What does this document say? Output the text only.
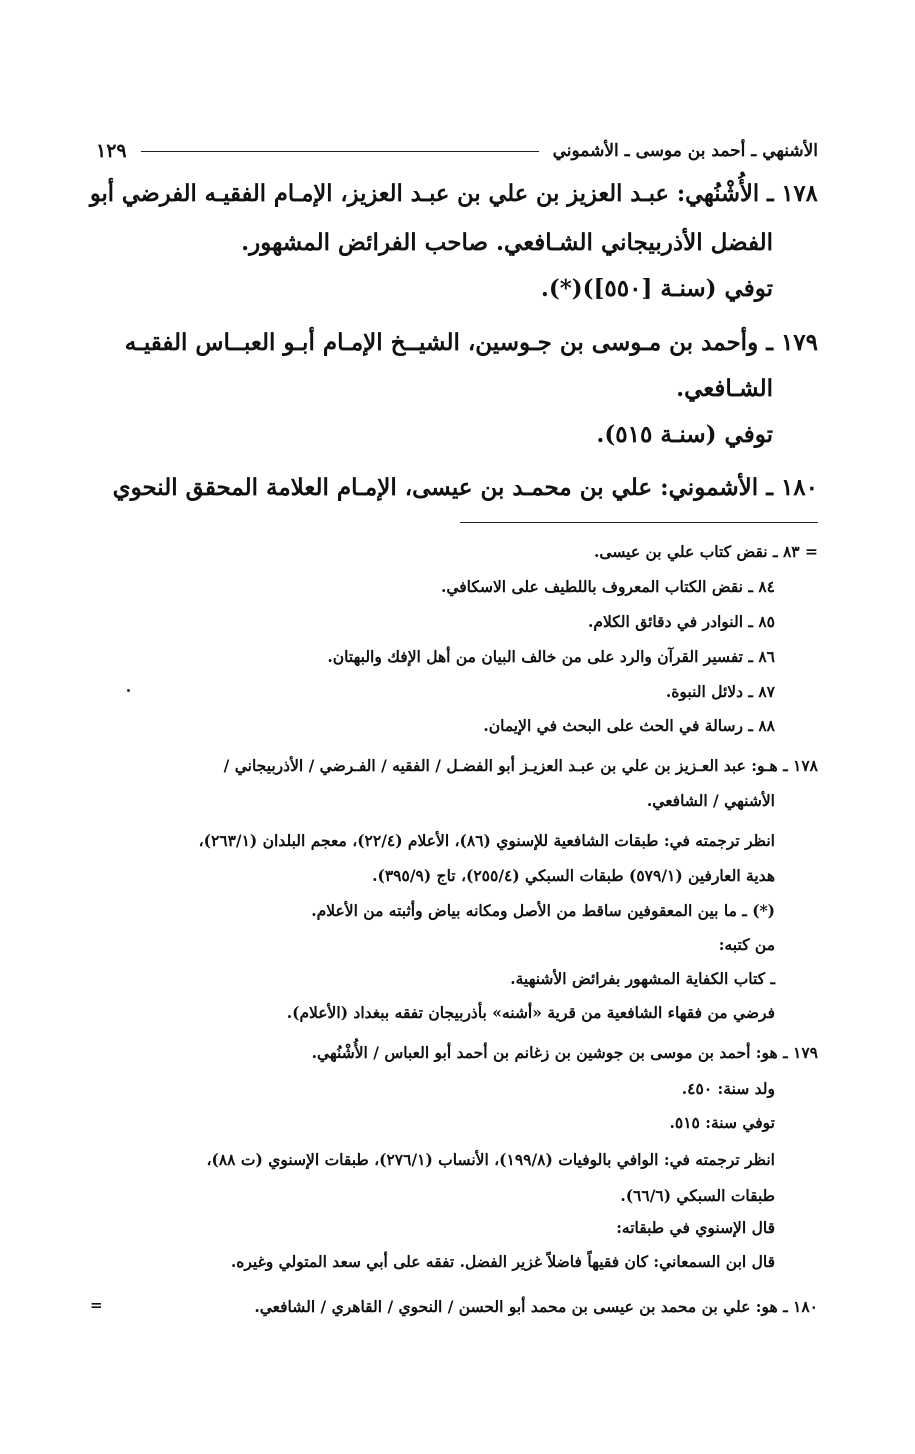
الأشنهي ـ أحمد بن موسى ـ الأشموني
١٢٩
١٧٨ ـ الأُشْنُهي: عبـد العزيز بن علي بن عبـد العزيز، الإمـام الفقيـه الفرضي أبو
الفضل الأذربيجاني الشـافعي. صاحب الفرائض المشهور.
توفي (سنـة [٥٥٠])(*).
١٧٩ ـ وأحمد بن مـوسى بن جـوسين، الشيــخ الإمـام أبـو العبــاس الفقيـه
الشـافعي.
توفي (سنـة ٥١٥).
١٨٠ ـ الأشموني: علي بن محمـد بن عيسى، الإمـام العلامة المحقق النحوي
= ٨٣ ـ نقض كتاب علي بن عيسى.
٨٤ ـ نقض الكتاب المعروف باللطيف على الاسكافي.
٨٥ ـ النوادر في دقائق الكلام.
٨٦ ـ تفسير القرآن والرد على من خالف البيان من أهل الإفك والبهتان.
٨٧ ـ دلائل النبوة.
٨٨ ـ رسالة في الحث على البحث في الإيمان.
١٧٨ ـ هـو: عبد العـزيز بن علي بن عبـد العزيـز أبو الفضـل / الفقيه / الفـرضي / الأذربيجاني /
الأشنهي / الشافعي.
انظر ترجمته في: طبقات الشافعية للإسنوي (٨٦)، الأعلام (٢٢/٤)، معجم البلدان (٢٦٣/١)،
هدية العارفين (٥٧٩/١) طبقات السبكي (٢٥٥/٤)، تاج (٣٩٥/٩).
(*) ـ ما بين المعقوفين ساقط من الأصل ومكانه بياض وأثبته من الأعلام.
من كتبه:
ـ كتاب الكفاية المشهور بفرائض الأشنهية.
فرضي من فقهاء الشافعية من قرية «أشنه» بأذربيجان تفقه ببغداد (الأعلام).
١٧٩ ـ هو: أحمد بن موسى بن جوشين بن زغانم بن أحمد أبو العباس / الأُشْنُهي.
ولد سنة: ٤٥٠.
توفي سنة: ٥١٥.
انظر ترجمته في: الوافي بالوفيات (١٩٩/٨)، الأنساب (٢٧٦/١)، طبقات الإسنوي (ت ٨٨)،
طبقات السبكي (٦٦/٦).
قال الإسنوي في طبقاته:
قال ابن السمعاني: كان فقيهاً فاضلاً غزير الفضل. تفقه على أبي سعد المتولي وغيره.
١٨٠ ـ هو: علي بن محمد بن عيسى بن محمد أبو الحسن / النحوي / القاهري / الشافعي.
=
